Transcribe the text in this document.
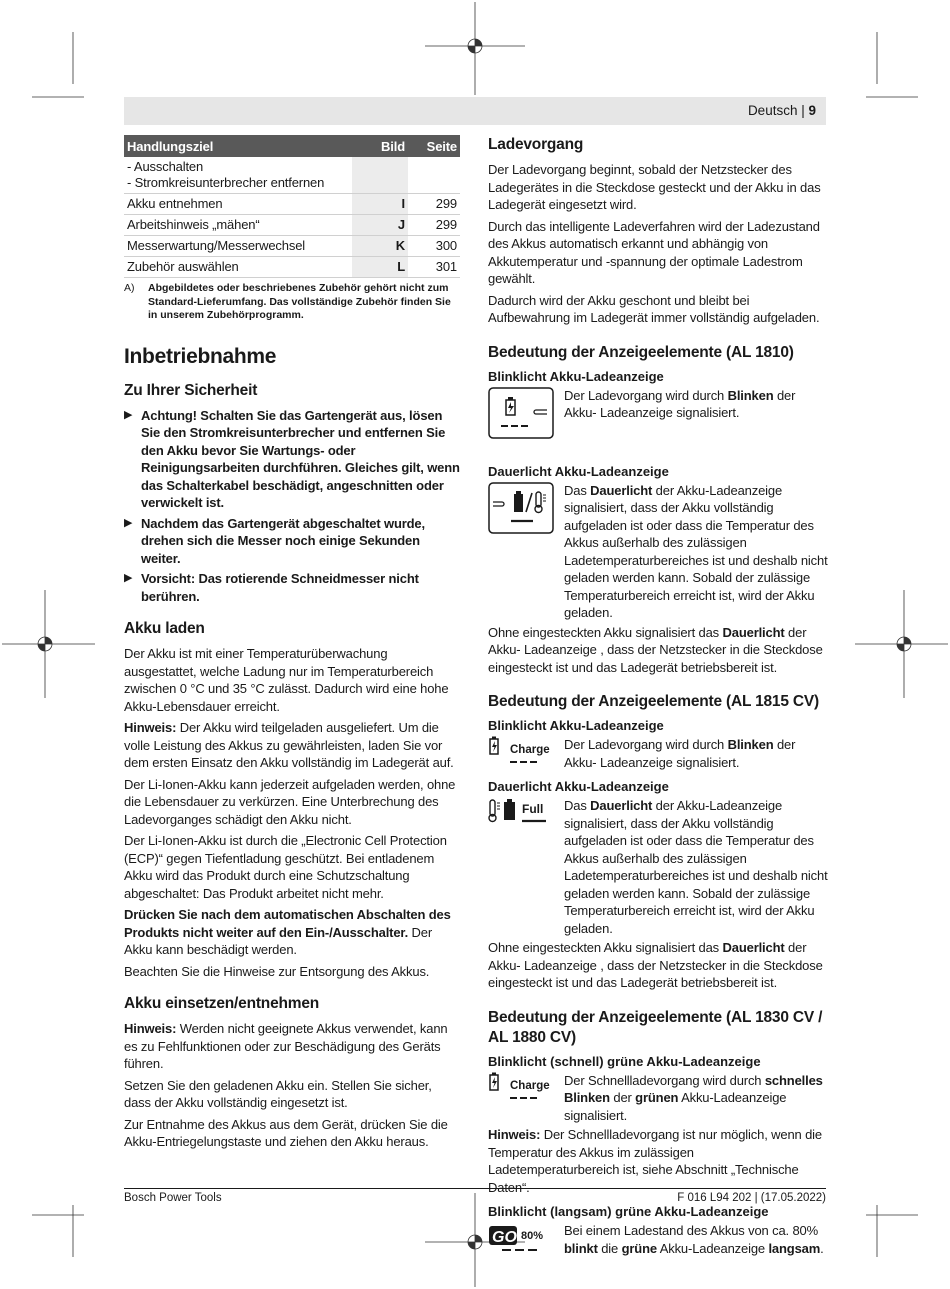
Deutsch | 9
Handlungsziel	Bild	Seite
- Ausschalten
- Stromkreisunterbrecher entfernen		
Akku entnehmen	I	299
Arbeitshinweis „mähen“	J	299
Messerwartung/Messerwechsel	K	300
Zubehör auswählen	L	301
A)	Abgebildetes oder beschriebenes Zubehör gehört nicht zum Standard-Lieferumfang. Das vollständige Zubehör finden Sie in unserem Zubehörprogramm.
Inbetriebnahme
Zu Ihrer Sicherheit
▶ Achtung! Schalten Sie das Gartengerät aus, lösen Sie den Stromkreisunterbrecher und entfernen Sie den Akku bevor Sie Wartungs- oder Reinigungsarbeiten durchführen. Gleiches gilt, wenn das Schalterkabel beschädigt, angeschnitten oder verwickelt ist.
▶ Nachdem das Gartengerät abgeschaltet wurde, drehen sich die Messer noch einige Sekunden weiter.
▶ Vorsicht: Das rotierende Schneidmesser nicht berühren.
Akku laden

Der Akku ist mit einer Temperaturüberwachung ausgestattet, welche Ladung nur im Temperaturbereich zwischen 0 °C und 35 °C zulässt. Dadurch wird eine hohe Akku-Lebensdauer erreicht.

Hinweis: Der Akku wird teilgeladen ausgeliefert. Um die volle Leistung des Akkus zu gewährleisten, laden Sie vor dem ersten Einsatz den Akku vollständig im Ladegerät auf.

Der Li-Ionen-Akku kann jederzeit aufgeladen werden, ohne die Lebensdauer zu verkürzen. Eine Unterbrechung des Ladevorganges schädigt den Akku nicht.

Der Li-Ionen-Akku ist durch die „Electronic Cell Protection (ECP)“ gegen Tiefentladung geschützt. Bei entladenem Akku wird das Produkt durch eine Schutzschaltung abgeschaltet: Das Produkt arbeitet nicht mehr.

Drücken Sie nach dem automatischen Abschalten des Produkts nicht weiter auf den Ein-/Ausschalter. Der Akku kann beschädigt werden.

Beachten Sie die Hinweise zur Entsorgung des Akkus.

Akku einsetzen/entnehmen

Hinweis: Werden nicht geeignete Akkus verwendet, kann es zu Fehlfunktionen oder zur Beschädigung des Geräts führen.

Setzen Sie den geladenen Akku ein. Stellen Sie sicher, dass der Akku vollständig eingesetzt ist.

Zur Entnahme des Akkus aus dem Gerät, drücken Sie die Akku-Entriegelungstaste und ziehen den Akku heraus.

Ladevorgang

Der Ladevorgang beginnt, sobald der Netzstecker des Ladegerätes in die Steckdose gesteckt und der Akku in das Ladegerät eingesetzt wird.

Durch das intelligente Ladeverfahren wird der Ladezustand des Akkus automatisch erkannt und abhängig von Akkutemperatur und -spannung der optimale Ladestrom gewählt.

Dadurch wird der Akku geschont und bleibt bei Aufbewahrung im Ladegerät immer vollständig aufgeladen.

Bedeutung der Anzeigeelemente (AL 1810)
Blinklicht Akku-Ladeanzeige
Der Ladevorgang wird durch Blinken der Akku- Ladeanzeige signalisiert.
Dauerlicht Akku-Ladeanzeige
Das Dauerlicht der Akku-Ladeanzeige signalisiert, dass der Akku vollständig aufgeladen ist oder dass die Temperatur des Akkus außerhalb des zulässigen Ladetemperaturbereiches ist und deshalb nicht geladen werden kann. Sobald der zulässige Temperaturbereich erreicht ist, wird der Akku geladen.

Ohne eingesteckten Akku signalisiert das Dauerlicht der Akku- Ladeanzeige , dass der Netzstecker in die Steckdose eingesteckt ist und das Ladegerät betriebsbereit ist.

Bedeutung der Anzeigeelemente (AL 1815 CV)
Blinklicht Akku-Ladeanzeige
Charge Der Ladevorgang wird durch Blinken der Akku- Ladeanzeige signalisiert.
Dauerlicht Akku-Ladeanzeige
Full Das Dauerlicht der Akku-Ladeanzeige signalisiert, dass der Akku vollständig aufgeladen ist oder dass die Temperatur des Akkus außerhalb des zulässigen Ladetemperaturbereiches ist und deshalb nicht geladen werden kann. Sobald der zulässige Temperaturbereich erreicht ist, wird der Akku geladen.

Ohne eingesteckten Akku signalisiert das Dauerlicht der Akku- Ladeanzeige , dass der Netzstecker in die Steckdose eingesteckt ist und das Ladegerät betriebsbereit ist.

Bedeutung der Anzeigeelemente (AL 1830 CV / AL 1880 CV)
Blinklicht (schnell) grüne Akku-Ladeanzeige
Charge Der Schnellladevorgang wird durch schnelles Blinken der grünen Akku-Ladeanzeige signalisiert.

Hinweis: Der Schnellladevorgang ist nur möglich, wenn die Temperatur des Akkus im zulässigen Ladetemperaturbereich ist, siehe Abschnitt „Technische Daten“.

Blinklicht (langsam) grüne Akku-Ladeanzeige
GO 80% Bei einem Ladestand des Akkus von ca. 80% blinkt die grüne Akku-Ladeanzeige langsam.
Bosch Power Tools	F 016 L94 202 | (17.05.2022)
